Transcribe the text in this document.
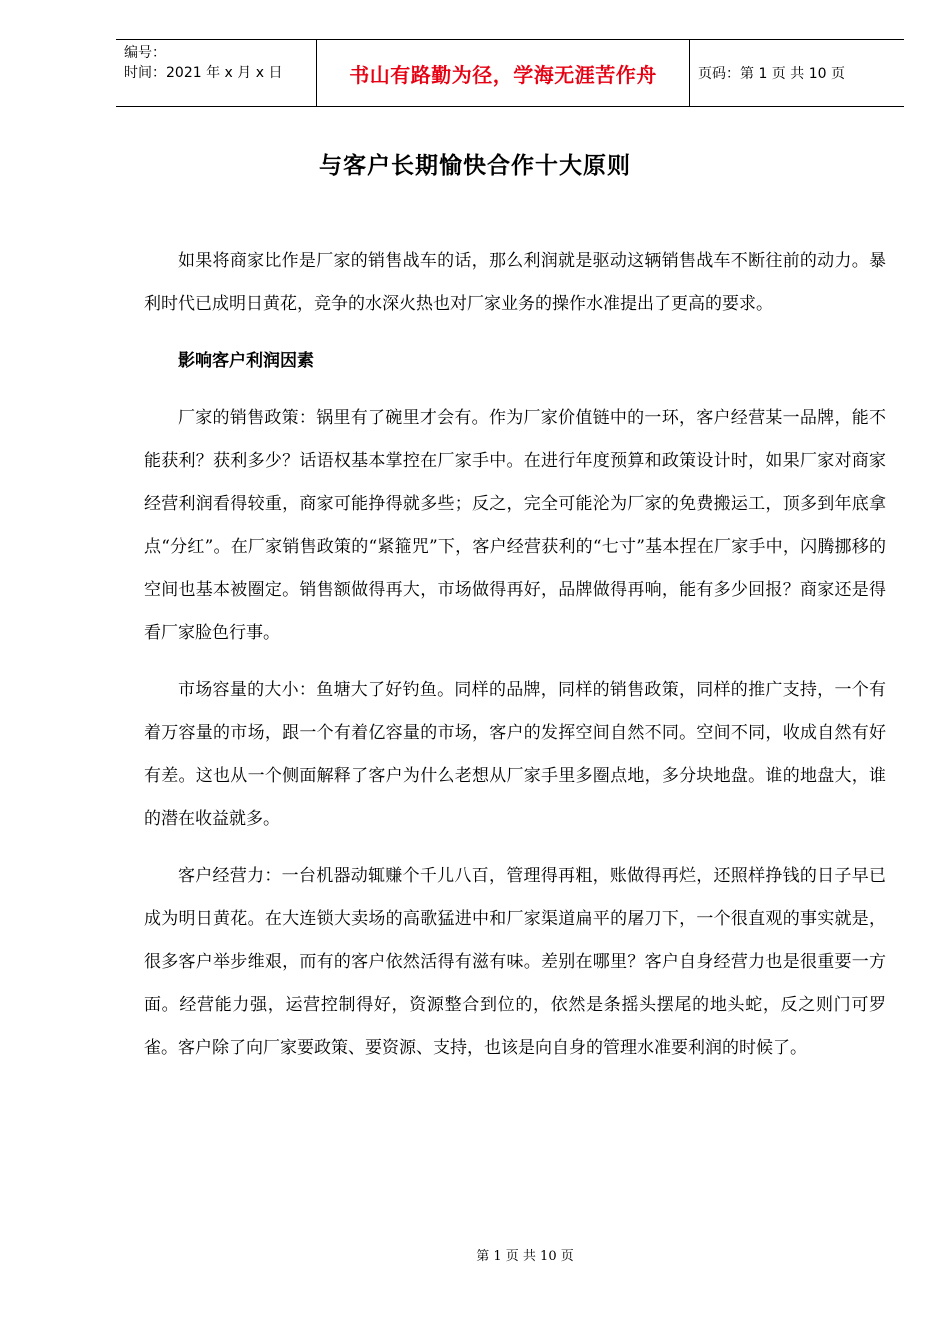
编号：
时间：2021 年 x 月 x 日	书山有路勤为径，学海无涯苦作舟	页码：第 1 页 共 10 页
与客户长期愉快合作十大原则

如果将商家比作是厂家的销售战车的话，那么利润就是驱动这辆销售战车不断往前的动力。暴利时代已成明日黄花，竞争的水深火热也对厂家业务的操作水准提出了更高的要求。

影响客户利润因素

厂家的销售政策：锅里有了碗里才会有。作为厂家价值链中的一环，客户经营某一品牌，能不能获利？获利多少？话语权基本掌控在厂家手中。在进行年度预算和政策设计时，如果厂家对商家经营利润看得较重，商家可能挣得就多些；反之，完全可能沦为厂家的免费搬运工，顶多到年底拿点“分红”。在厂家销售政策的“紧箍咒”下，客户经营获利的“七寸”基本捏在厂家手中，闪腾挪移的空间也基本被圈定。销售额做得再大，市场做得再好，品牌做得再响，能有多少回报？商家还是得看厂家脸色行事。

市场容量的大小：鱼塘大了好钓鱼。同样的品牌，同样的销售政策，同样的推广支持，一个有着万容量的市场，跟一个有着亿容量的市场，客户的发挥空间自然不同。空间不同，收成自然有好有差。这也从一个侧面解释了客户为什么老想从厂家手里多圈点地，多分块地盘。谁的地盘大，谁的潜在收益就多。

客户经营力：一台机器动辄赚个千儿八百，管理得再粗，账做得再烂，还照样挣钱的日子早已成为明日黄花。在大连锁大卖场的高歌猛进中和厂家渠道扁平的屠刀下，一个很直观的事实就是，很多客户举步维艰，而有的客户依然活得有滋有味。差别在哪里？客户自身经营力也是很重要一方面。经营能力强，运营控制得好，资源整合到位的，依然是条摇头摆尾的地头蛇，反之则门可罗雀。客户除了向厂家要政策、要资源、支持，也该是向自身的管理水准要利润的时候了。

第 1 页 共 10 页
